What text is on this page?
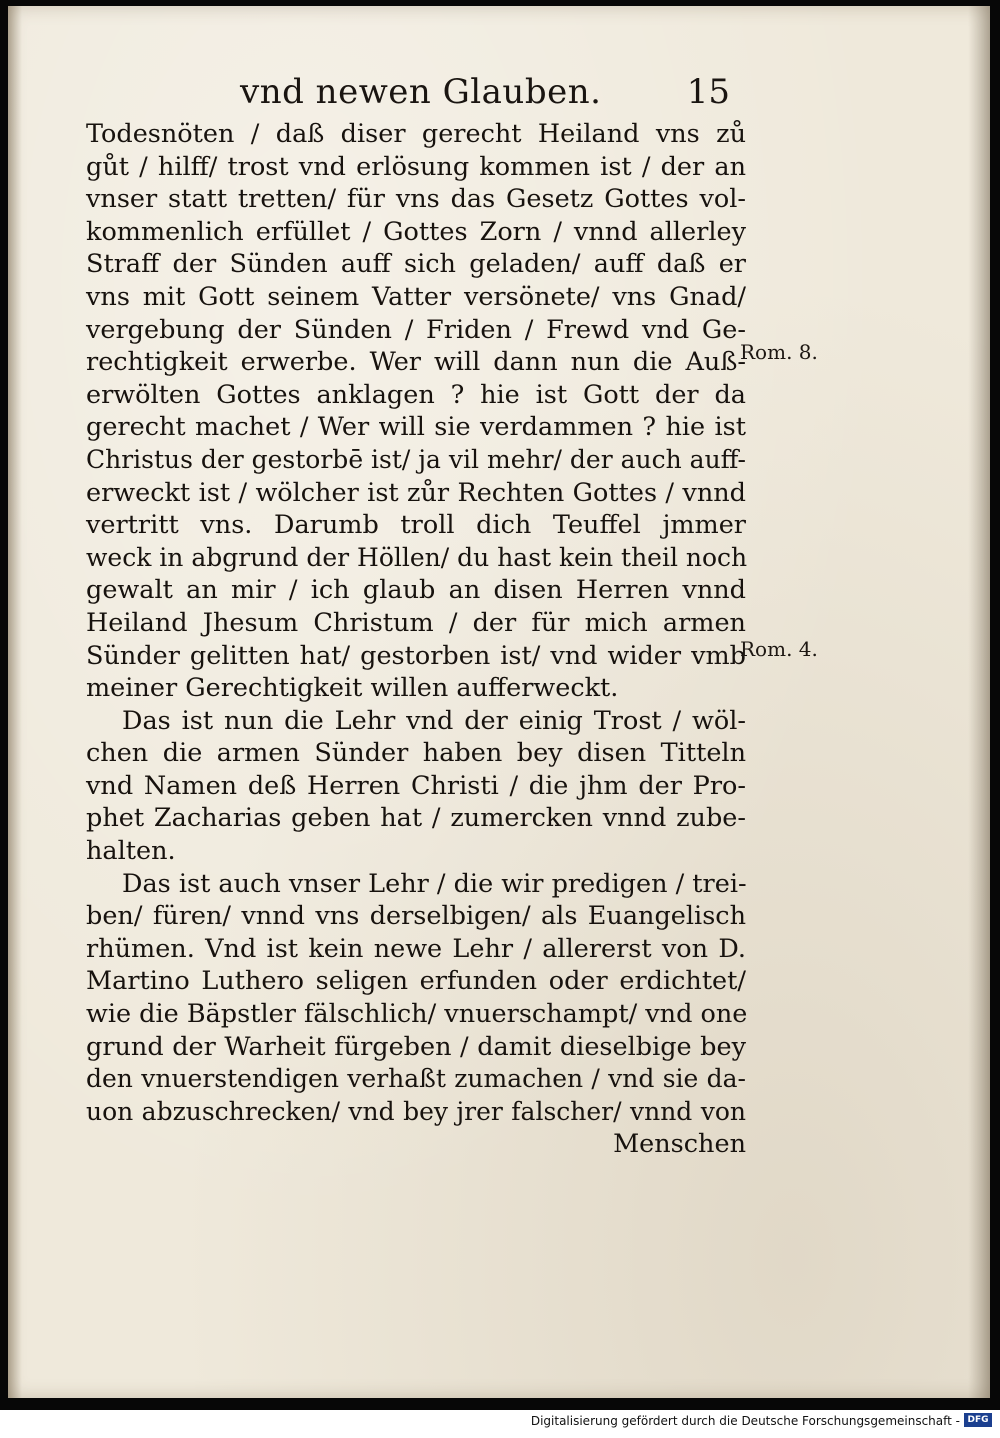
vnd newen Glauben.	15
Todesnöten / daß diser gerecht Heiland vns zů
gůt / hilff/ trost vnd erlösung kommen ist / der an
vnser statt tretten/ für vns das Gesetz Gottes vol-
kommenlich erfüllet / Gottes Zorn / vnnd allerley
Straff der Sünden auff sich geladen/ auff daß er
vns mit Gott seinem Vatter versönete/ vns Gnad/
vergebung der Sünden / Friden / Frewd vnd Ge-
rechtigkeit erwerbe. Wer will dann nun die Auß-
erwölten Gottes anklagen ? hie ist Gott der da
gerecht machet / Wer will sie verdammen ? hie ist
Christus der gestorbē ist/ ja vil mehr/ der auch auff-
erweckt ist / wölcher ist zůr Rechten Gottes / vnnd
vertritt vns. Darumb troll dich Teuffel jmmer
weck in abgrund der Höllen/ du hast kein theil noch
gewalt an mir / ich glaub an disen Herren vnnd
Heiland Jhesum Christum / der für mich armen
Sünder gelitten hat/ gestorben ist/ vnd wider vmb
meiner Gerechtigkeit willen aufferweckt.
Das ist nun die Lehr vnd der einig Trost / wöl-
chen die armen Sünder haben bey disen Titteln
vnd Namen deß Herren Christi / die jhm der Pro-
phet Zacharias geben hat / zumercken vnnd zube-
halten.
Das ist auch vnser Lehr / die wir predigen / trei-
ben/ füren/ vnnd vns derselbigen/ als Euangelisch
rhümen. Vnd ist kein newe Lehr / allererst von D.
Martino Luthero seligen erfunden oder erdichtet/
wie die Bäpstler fälschlich/ vnuerschampt/ vnd one
grund der Warheit fürgeben / damit dieselbige bey
den vnuerstendigen verhaßt zumachen / vnd sie da-
uon abzuschrecken/ vnd bey jrer falscher/ vnnd von
Menschen
Rom. 8.
Rom. 4.
Digitalisierung gefördert durch die Deutsche Forschungsgemeinschaft - DFG
